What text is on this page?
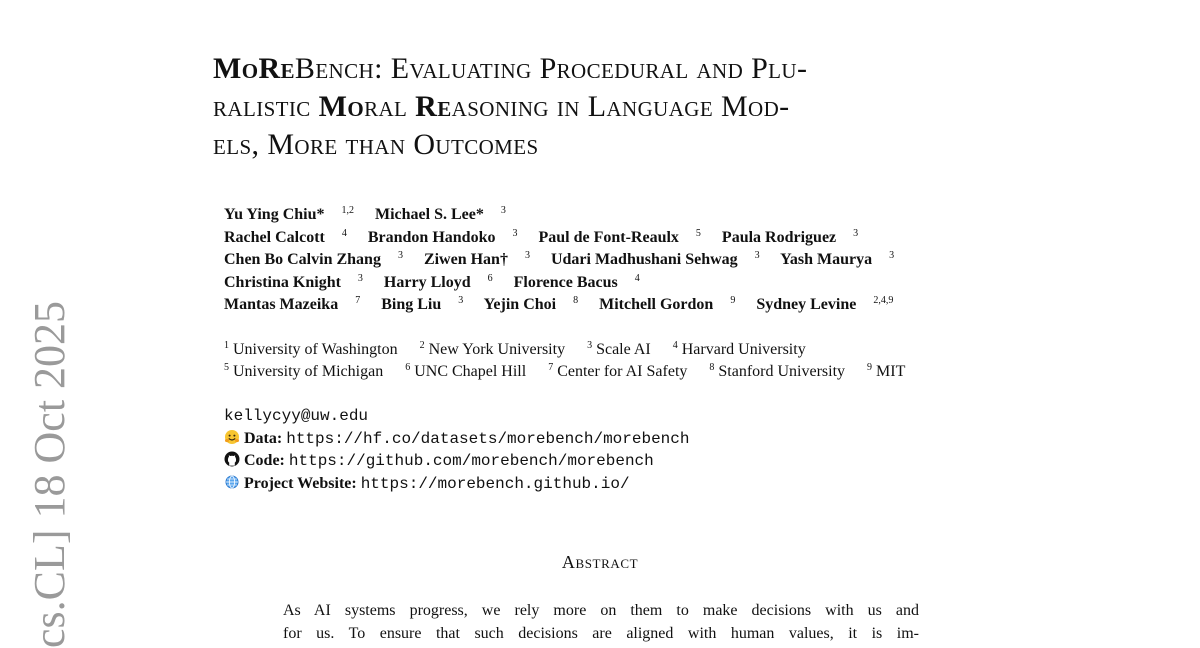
cs.CL] 18 Oct 2025
MoReBench: Evaluating Procedural and Plu-
ralistic Moral Reasoning in Language Mod-
els, More than Outcomes
Yu Ying Chiu* $^{1,2}$ Michael S. Lee* $^3$
Rachel Calcott $^4$ Brandon Handoko $^3$ Paul de Font-Reaulx $^5$ Paula Rodriguez $^3$
Chen Bo Calvin Zhang $^3$ Ziwen Han† $^3$ Udari Madhushani Sehwag $^3$ Yash Maurya $^3$
Christina Knight $^3$ Harry Lloyd $^6$ Florence Bacus $^4$
Mantas Mazeika $^7$ Bing Liu $^3$ Yejin Choi $^8$ Mitchell Gordon $^9$ Sydney Levine $^{2,4,9}$
$^1$ University of Washington $^2$ New York University $^3$ Scale AI $^4$ Harvard University
$^5$ University of Michigan $^6$ UNC Chapel Hill $^7$ Center for AI Safety $^8$ Stanford University $^9$ MIT
kellycyy@uw.edu
Data: https://hf.co/datasets/morebench/morebench
Code: https://github.com/morebench/morebench
Project Website: https://morebench.github.io/
Abstract
As AI systems progress, we rely more on them to make decisions with us and
for us. To ensure that such decisions are aligned with human values, it is im-
